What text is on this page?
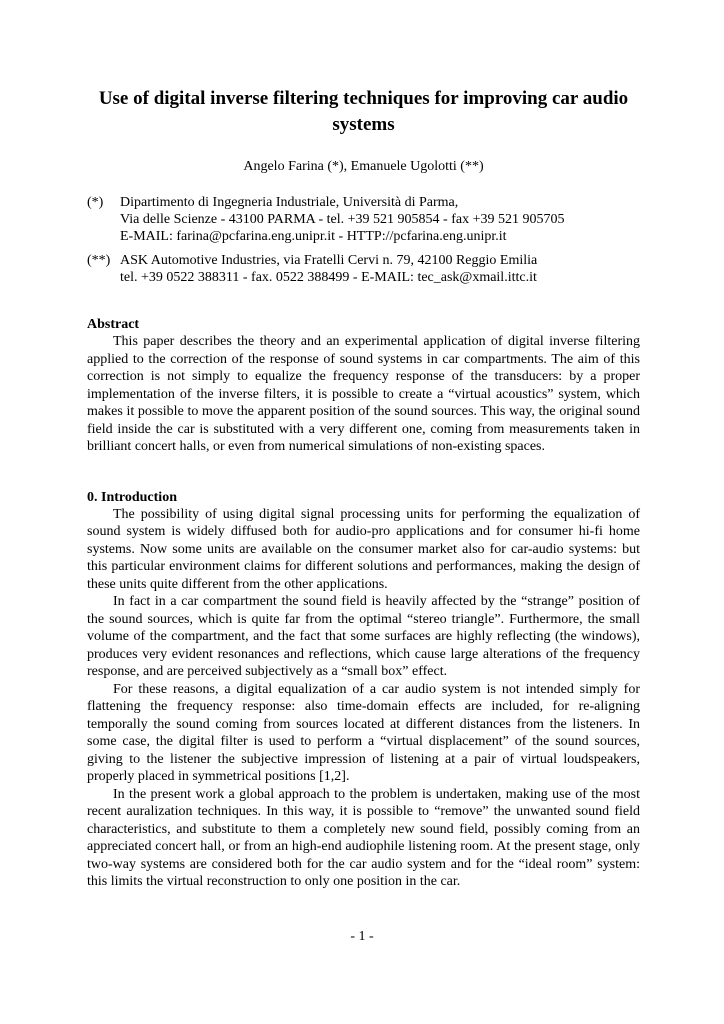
Use of digital inverse filtering techniques for improving car audio systems
Angelo Farina (*), Emanuele Ugolotti (**)
(*)	Dipartimento di Ingegneria Industriale, Università di Parma,
Via delle Scienze - 43100 PARMA - tel. +39 521 905854 - fax +39 521 905705
E-MAIL: farina@pcfarina.eng.unipr.it - HTTP://pcfarina.eng.unipr.it
(**) ASK Automotive Industries, via Fratelli Cervi n. 79, 42100 Reggio Emilia
tel. +39 0522 388311 - fax. 0522 388499 - E-MAIL: tec_ask@xmail.ittc.it
Abstract

This paper describes the theory and an experimental application of digital inverse filtering applied to the correction of the response of sound systems in car compartments. The aim of this correction is not simply to equalize the frequency response of the transducers: by a proper implementation of the inverse filters, it is possible to create a “virtual acoustics” system, which makes it possible to move the apparent position of the sound sources. This way, the original sound field inside the car is substituted with a very different one, coming from measurements taken in brilliant concert halls, or even from numerical simulations of non-existing spaces.

0. Introduction

The possibility of using digital signal processing units for performing the equalization of sound system is widely diffused both for audio-pro applications and for consumer hi-fi home systems. Now some units are available on the consumer market also for car-audio systems: but this particular environment claims for different solutions and performances, making the design of these units quite different from the other applications.

In fact in a car compartment the sound field is heavily affected by the “strange” position of the sound sources, which is quite far from the optimal “stereo triangle”. Furthermore, the small volume of the compartment, and the fact that some surfaces are highly reflecting (the windows), produces very evident resonances and reflections, which cause large alterations of the frequency response, and are perceived subjectively as a “small box” effect.

For these reasons, a digital equalization of a car audio system is not intended simply for flattening the frequency response: also time-domain effects are included, for re-aligning temporally the sound coming from sources located at different distances from the listeners. In some case, the digital filter is used to perform a “virtual displacement” of the sound sources, giving to the listener the subjective impression of listening at a pair of virtual loudspeakers, properly placed in symmetrical positions [1,2].

In the present work a global approach to the problem is undertaken, making use of the most recent auralization techniques. In this way, it is possible to “remove” the unwanted sound field characteristics, and substitute to them a completely new sound field, possibly coming from an appreciated concert hall, or from an high-end audiophile listening room. At the present stage, only two-way systems are considered both for the car audio system and for the “ideal room” system: this limits the virtual reconstruction to only one position in the car.

- 1 -
